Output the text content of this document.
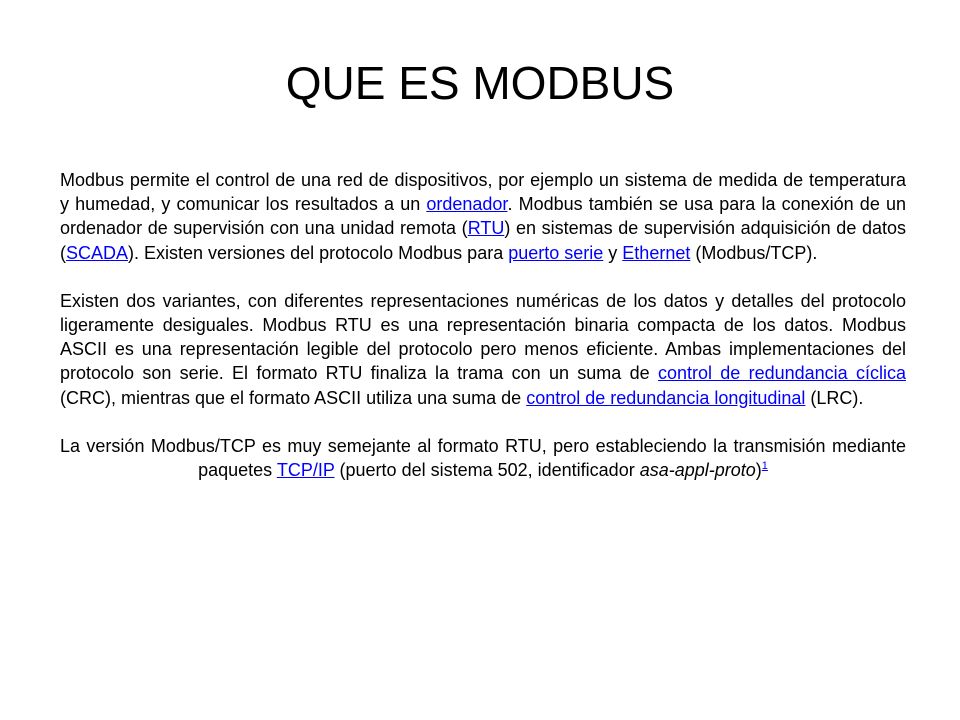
QUE ES MODBUS

Modbus permite el control de una red de dispositivos, por ejemplo un sistema de medida de temperatura y humedad, y comunicar los resultados a un ordenador. Modbus también se usa para la conexión de un ordenador de supervisión con una unidad remota (RTU) en sistemas de supervisión adquisición de datos (SCADA). Existen versiones del protocolo Modbus para puerto serie y Ethernet (Modbus/TCP).

Existen dos variantes, con diferentes representaciones numéricas de los datos y detalles del protocolo ligeramente desiguales. Modbus RTU es una representación binaria compacta de los datos. Modbus ASCII es una representación legible del protocolo pero menos eficiente. Ambas implementaciones del protocolo son serie. El formato RTU finaliza la trama con un suma de control de redundancia cíclica (CRC), mientras que el formato ASCII utiliza una suma de control de redundancia longitudinal (LRC).

La versión Modbus/TCP es muy semejante al formato RTU, pero estableciendo la transmisión mediante paquetes TCP/IP (puerto del sistema 502, identificador asa-appl-proto)$^1$
